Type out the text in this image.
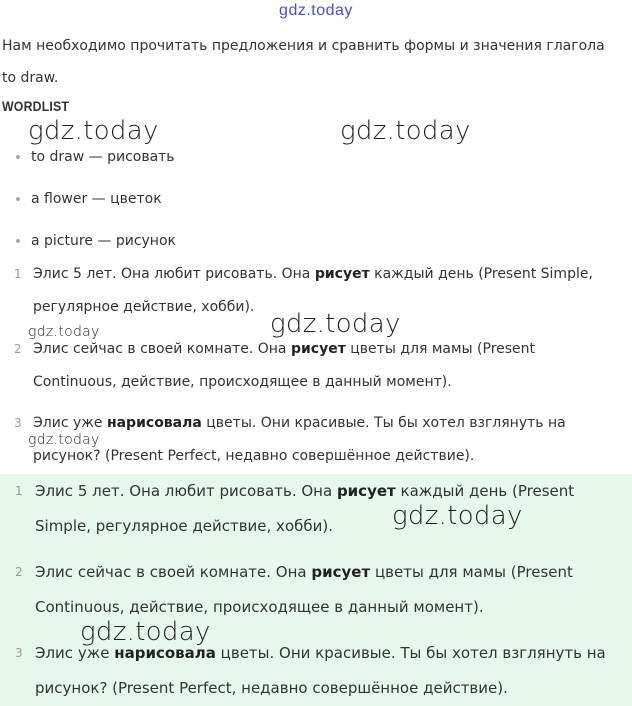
gdz.today
Нам необходимо прочитать предложения и сравнить формы и значения глагола to draw.
WORDLIST
gdz.today	gdz.today
to draw — рисовать
a flower — цветок
a picture — рисунок
1 Элис 5 лет. Она любит рисовать. Она рисует каждый день (Present Simple, регулярное действие, хобби).
gdz.today
gdz.today
2 Элис сейчас в своей комнате. Она рисует цветы для мамы (Present Continuous, действие, происходящее в данный момент).
3 Элис уже нарисовала цветы. Они красивые. Ты бы хотел взглянуть на рисунок? (Present Perfect, недавно совершённое действие).
gdz.today
1 Элис 5 лет. Она любит рисовать. Она рисует каждый день (Present Simple, регулярное действие, хобби).	gdz.today
2 Элис сейчас в своей комнате. Она рисует цветы для мамы (Present Continuous, действие, происходящее в данный момент).
gdz.today
3 Элис уже нарисовала цветы. Они красивые. Ты бы хотел взглянуть на рисунок? (Present Perfect, недавно совершённое действие).
